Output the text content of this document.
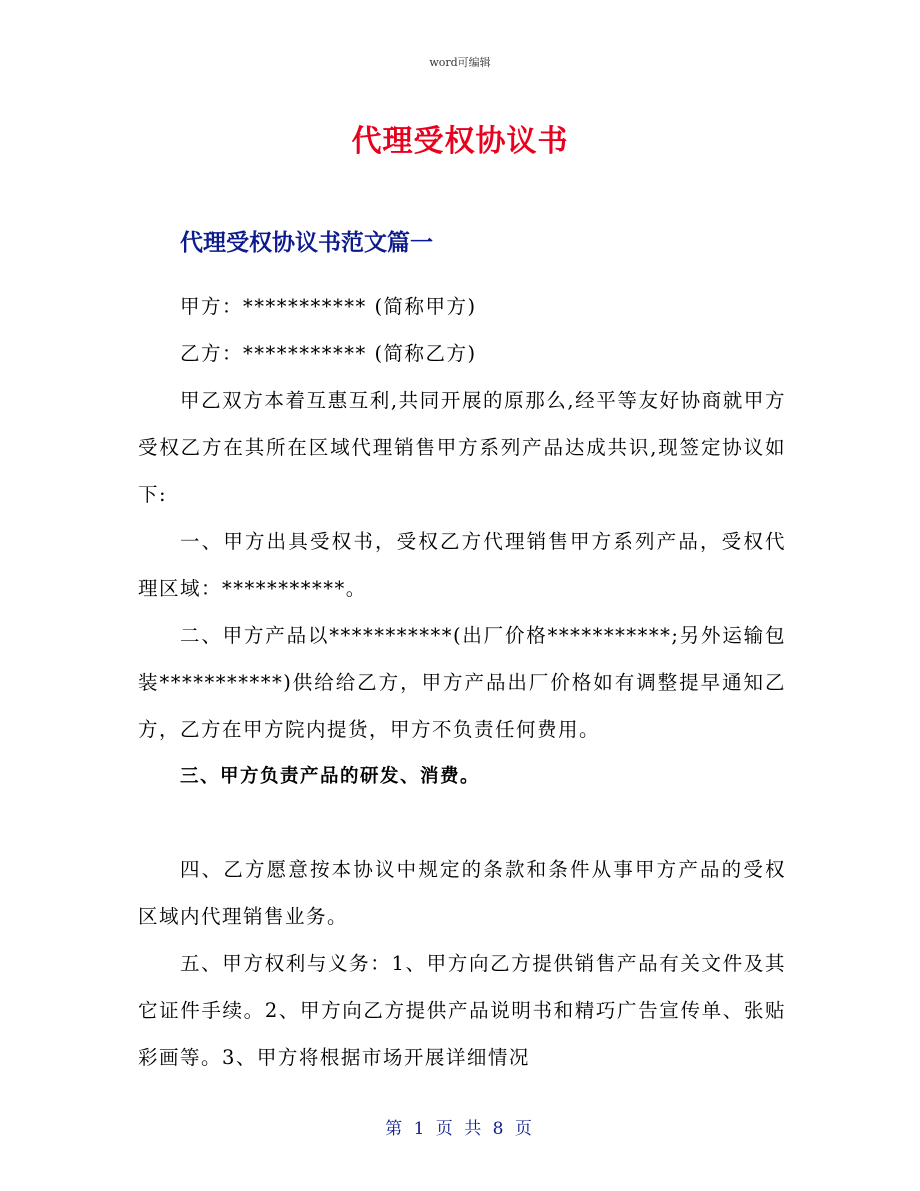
word可编辑
代理受权协议书
代理受权协议书范文篇一

甲方：*********** (简称甲方)

乙方：*********** (简称乙方)

甲乙双方本着互惠互利,共同开展的原那么,经平等友好协商就甲方受权乙方在其所在区域代理销售甲方系列产品达成共识,现签定协议如下:

一、甲方出具受权书，受权乙方代理销售甲方系列产品，受权代理区域：***********。

二、甲方产品以***********(出厂价格***********;另外运输包装***********)供给给乙方，甲方产品出厂价格如有调整提早通知乙方，乙方在甲方院内提货，甲方不负责任何费用。

三、甲方负责产品的研发、消费。

四、乙方愿意按本协议中规定的条款和条件从事甲方产品的受权区域内代理销售业务。

五、甲方权利与义务：1、甲方向乙方提供销售产品有关文件及其它证件手续。2、甲方向乙方提供产品说明书和精巧广告宣传单、张贴彩画等。3、甲方将根据市场开展详细情况

第 1 页 共 8 页
